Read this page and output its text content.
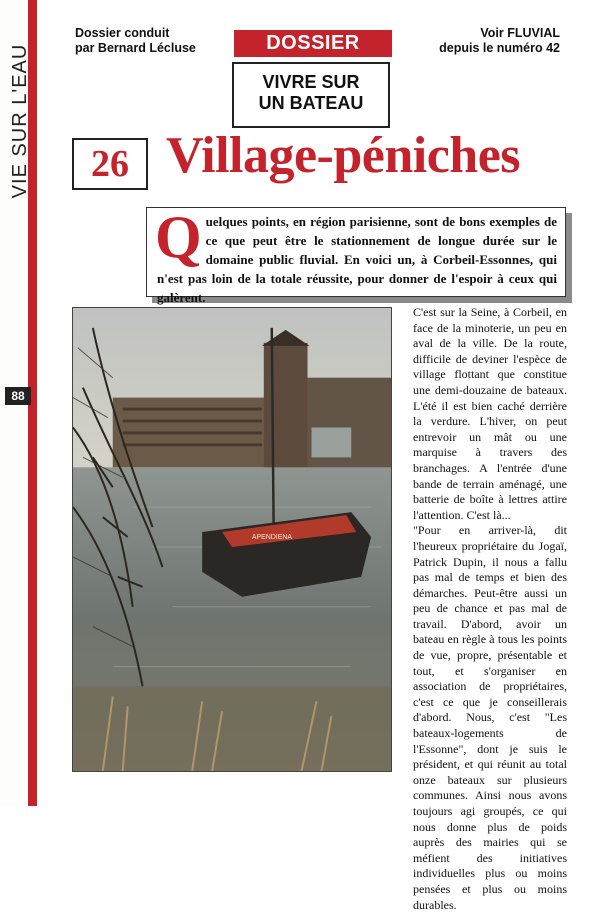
VIE SUR L'EAU
88
Dossier conduit
par Bernard Lécluse	DOSSIER
VIVRE SUR
UN BATEAU
Voir FLUVIAL
depuis le numéro 42
26 Village-péniches
Q uelques points, en région parisienne, sont de bons exemples de ce que peut être le stationnement de longue durée sur le domaine public fluvial. En voici un, à Corbeil-Essonnes, qui n'est pas loin de la totale réussite, pour donner de l'espoir à ceux qui galèrent.

APENDIENA

C'est sur la Seine, à Corbeil, en face de la minoterie, un peu en aval de la ville. De la route, difficile de deviner l'espèce de village flottant que constitue une demi-douzaine de bateaux. L'été il est bien caché derrière la verdure. L'hiver, on peut entrevoir un mât ou une marquise à travers des branchages. A l'entrée d'une bande de terrain aménagé, une batterie de boîte à lettres attire l'attention. C'est là...

"Pour en arriver-là, dit l'heureux propriétaire du Jogaï, Patrick Dupin, il nous a fallu pas mal de temps et bien des démarches. Peut-être aussi un peu de chance et pas mal de travail. D'abord, avoir un bateau en règle à tous les points de vue, propre, présentable et tout, et s'organiser en association de propriétaires, c'est ce que je conseillerais d'abord. Nous, c'est "Les bateaux-logements de l'Essonne", dont je suis le président, et qui réunit au total onze bateaux sur plusieurs communes. Ainsi nous avons toujours agi groupés, ce qui nous donne plus de poids auprès des mairies qui se méfient des initiatives individuelles plus ou moins pensées et plus ou moins durables.
